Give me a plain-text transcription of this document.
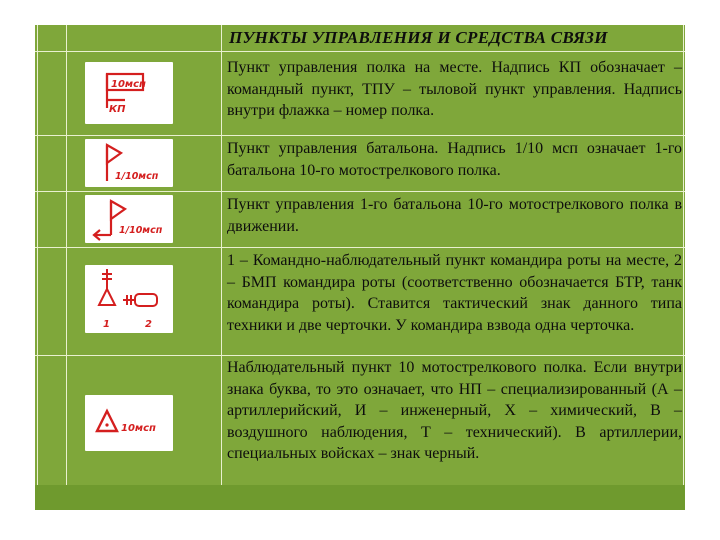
ПУНКТЫ УПРАВЛЕНИЯ И СРЕДСТВА СВЯЗИ
10мсп
КП
Пункт управления полка на месте. Надпись КП обозначает – командный пункт, ТПУ – тыловой пункт управления. Надпись внутри флажка – номер полка.
1/10мсп
Пункт управления батальона. Надпись 1/10 мсп означает 1-го батальона 10-го мотострелкового полка.
1/10мсп
Пункт управления 1-го батальона 10-го мотострелкового полка в движении.
1	2
1 – Командно-наблюдательный пункт командира роты на месте, 2 – БМП командира роты (соответственно обозначается БТР, танк командира роты). Ставится тактический знак данного типа техники и две черточки. У командира взвода одна черточка.
10мсп
Наблюдательный пункт 10 мотострелкового полка. Если внутри знака буква, то это означает, что НП – специализированный (А – артиллерийский, И – инженерный, Х – химический, В – воздушного наблюдения, Т – технический). В артиллерии, специальных войсках – знак черный.
